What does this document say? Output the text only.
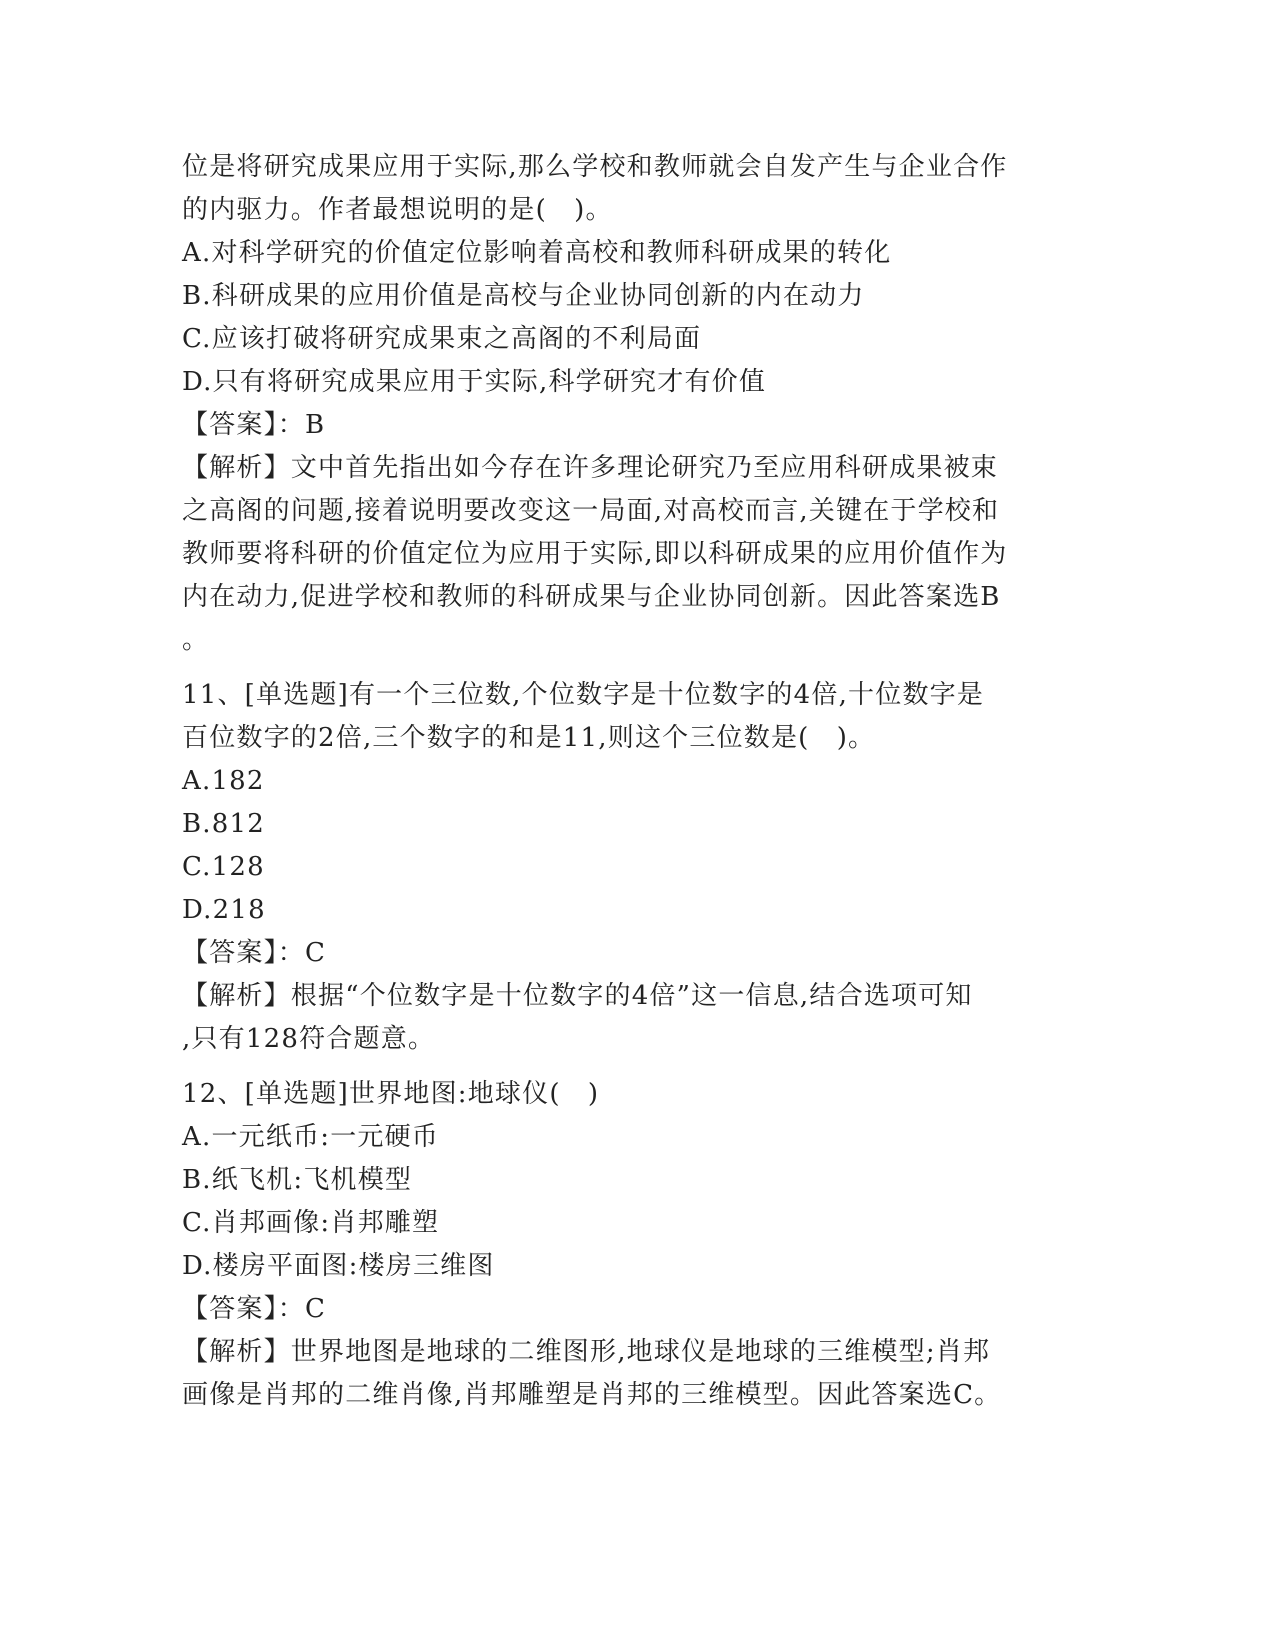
位是将研究成果应用于实际,那么学校和教师就会自发产生与企业合作
的内驱力。作者最想说明的是(　)。
A.对科学研究的价值定位影响着高校和教师科研成果的转化
B.科研成果的应用价值是高校与企业协同创新的内在动力
C.应该打破将研究成果束之高阁的不利局面
D.只有将研究成果应用于实际,科学研究才有价值
【答案】：B
【解析】文中首先指出如今存在许多理论研究乃至应用科研成果被束
之高阁的问题,接着说明要改变这一局面,对高校而言,关键在于学校和
教师要将科研的价值定位为应用于实际,即以科研成果的应用价值作为
内在动力,促进学校和教师的科研成果与企业协同创新。因此答案选B
。
11、[单选题]有一个三位数,个位数字是十位数字的4倍,十位数字是
百位数字的2倍,三个数字的和是11,则这个三位数是(　)。
A.182
B.812
C.128
D.218
【答案】：C
【解析】根据“个位数字是十位数字的4倍”这一信息,结合选项可知
,只有128符合题意。
12、[单选题]世界地图:地球仪(　)
A.一元纸币:一元硬币
B.纸飞机:飞机模型
C.肖邦画像:肖邦雕塑
D.楼房平面图:楼房三维图
【答案】：C
【解析】世界地图是地球的二维图形,地球仪是地球的三维模型;肖邦
画像是肖邦的二维肖像,肖邦雕塑是肖邦的三维模型。因此答案选C。
